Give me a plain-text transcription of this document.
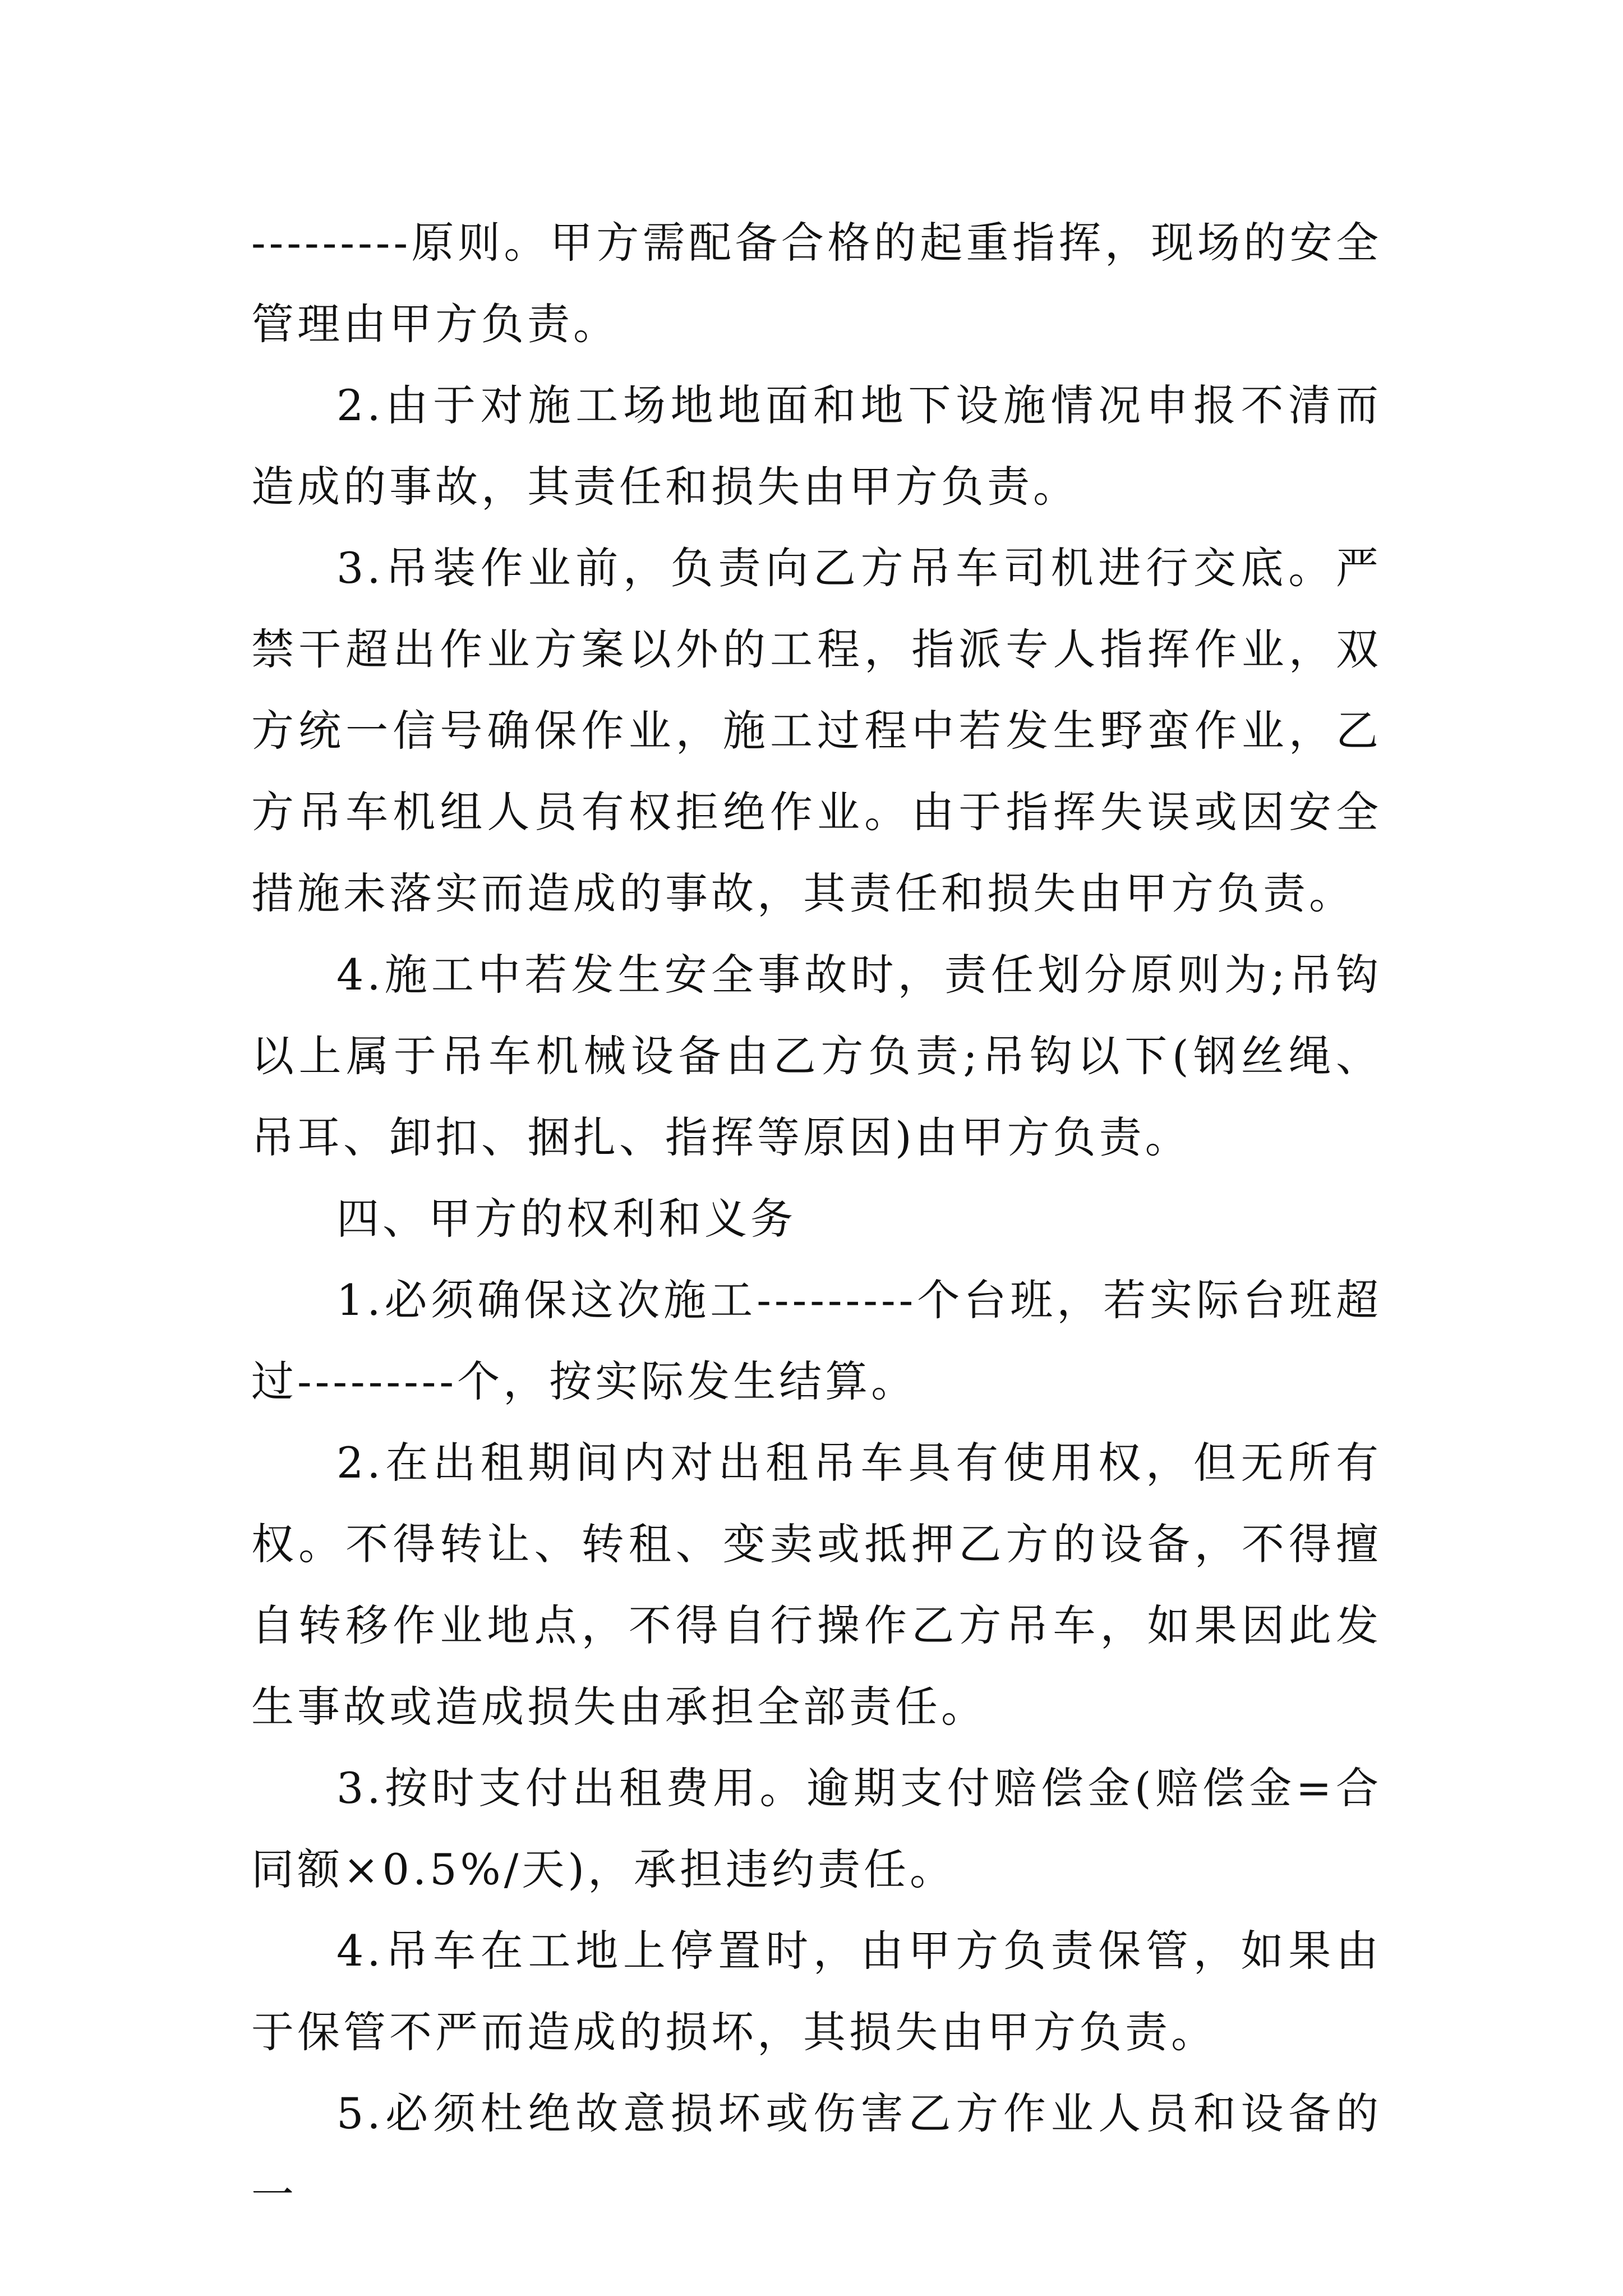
---------原则。甲方需配备合格的起重指挥，现场的安全管理由甲方负责。

2.由于对施工场地地面和地下设施情况申报不清而造成的事故，其责任和损失由甲方负责。

3.吊装作业前，负责向乙方吊车司机进行交底。严禁干超出作业方案以外的工程，指派专人指挥作业，双方统一信号确保作业，施工过程中若发生野蛮作业，乙方吊车机组人员有权拒绝作业。由于指挥失误或因安全措施未落实而造成的事故，其责任和损失由甲方负责。

4.施工中若发生安全事故时，责任划分原则为;吊钩以上属于吊车机械设备由乙方负责;吊钩以下(钢丝绳、吊耳、卸扣、捆扎、指挥等原因)由甲方负责。

四、甲方的权利和义务

1.必须确保这次施工---------个台班，若实际台班超过---------个，按实际发生结算。

2.在出租期间内对出租吊车具有使用权，但无所有权。不得转让、转租、变卖或抵押乙方的设备，不得擅自转移作业地点，不得自行操作乙方吊车，如果因此发生事故或造成损失由承担全部责任。

3.按时支付出租费用。逾期支付赔偿金(赔偿金=合同额×0.5%/天)，承担违约责任。

4.吊车在工地上停置时，由甲方负责保管，如果由于保管不严而造成的损坏，其损失由甲方负责。

5.必须杜绝故意损坏或伤害乙方作业人员和设备的一
